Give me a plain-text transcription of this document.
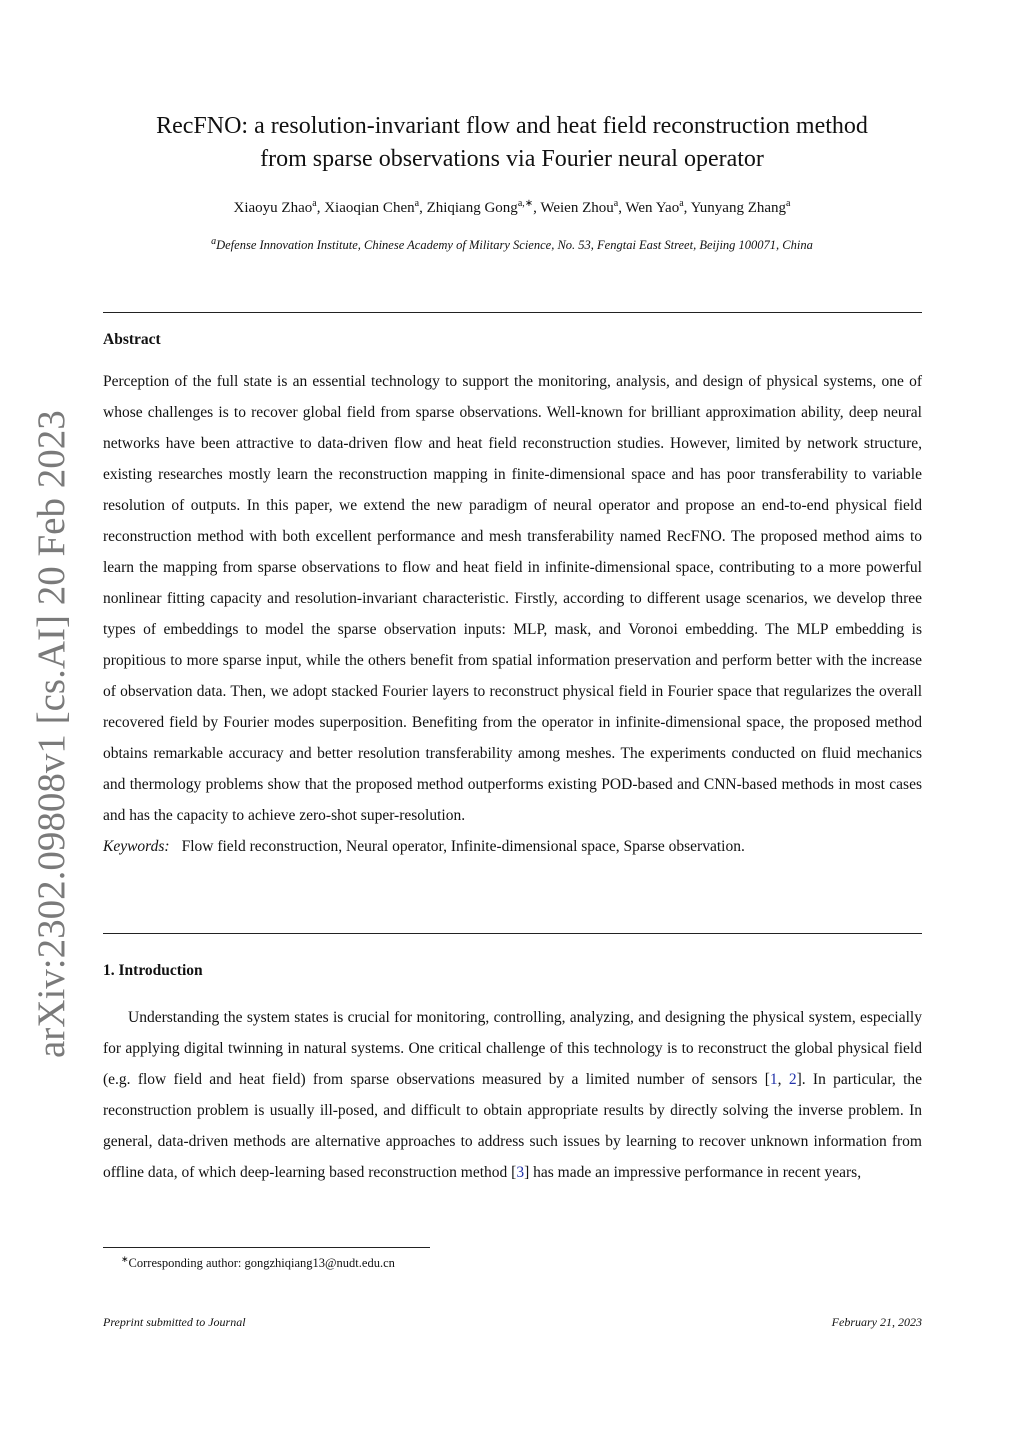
arXiv:2302.09808v1 [cs.AI] 20 Feb 2023
RecFNO: a resolution-invariant flow and heat field reconstruction method
from sparse observations via Fourier neural operator
Xiaoyu Zhao$^a$, Xiaoqian Chen$^a$, Zhiqiang Gong$^{a,∗}$, Weien Zhou$^a$, Wen Yao$^a$, Yunyang Zhang$^a$
$^a$Defense Innovation Institute, Chinese Academy of Military Science, No. 53, Fengtai East Street, Beijing 100071, China
Abstract
Perception of the full state is an essential technology to support the monitoring, analysis, and design of physical systems, one of whose challenges is to recover global field from sparse observations. Well-known for brilliant approximation ability, deep neural networks have been attractive to data-driven flow and heat field reconstruction studies. However, limited by network structure, existing researches mostly learn the reconstruction mapping in finite-dimensional space and has poor transferability to variable resolution of outputs. In this paper, we extend the new paradigm of neural operator and propose an end-to-end physical field reconstruction method with both excellent performance and mesh transferability named RecFNO. The proposed method aims to learn the mapping from sparse observations to flow and heat field in infinite-dimensional space, contributing to a more powerful nonlinear fitting capacity and resolution-invariant characteristic. Firstly, according to different usage scenarios, we develop three types of embeddings to model the sparse observation inputs: MLP, mask, and Voronoi embedding. The MLP embedding is propitious to more sparse input, while the others benefit from spatial information preservation and perform better with the increase of observation data. Then, we adopt stacked Fourier layers to reconstruct physical field in Fourier space that regularizes the overall recovered field by Fourier modes superposition. Benefiting from the operator in infinite-dimensional space, the proposed method obtains remarkable accuracy and better resolution transferability among meshes. The experiments conducted on fluid mechanics and thermology problems show that the proposed method outperforms existing POD-based and CNN-based methods in most cases and has the capacity to achieve zero-shot super-resolution.
Keywords: Flow field reconstruction, Neural operator, Infinite-dimensional space, Sparse observation.
1. Introduction
Understanding the system states is crucial for monitoring, controlling, analyzing, and designing the physical system, especially for applying digital twinning in natural systems. One critical challenge of this technology is to reconstruct the global physical field (e.g. flow field and heat field) from sparse observations measured by a limited number of sensors [1, 2]. In particular, the reconstruction problem is usually ill-posed, and difficult to obtain appropriate results by directly solving the inverse problem. In general, data-driven methods are alternative approaches to address such issues by learning to recover unknown information from offline data, of which deep-learning based reconstruction method [3] has made an impressive performance in recent years,
∗Corresponding author: gongzhiqiang13@nudt.edu.cn
Preprint submitted to Journal	February 21, 2023
